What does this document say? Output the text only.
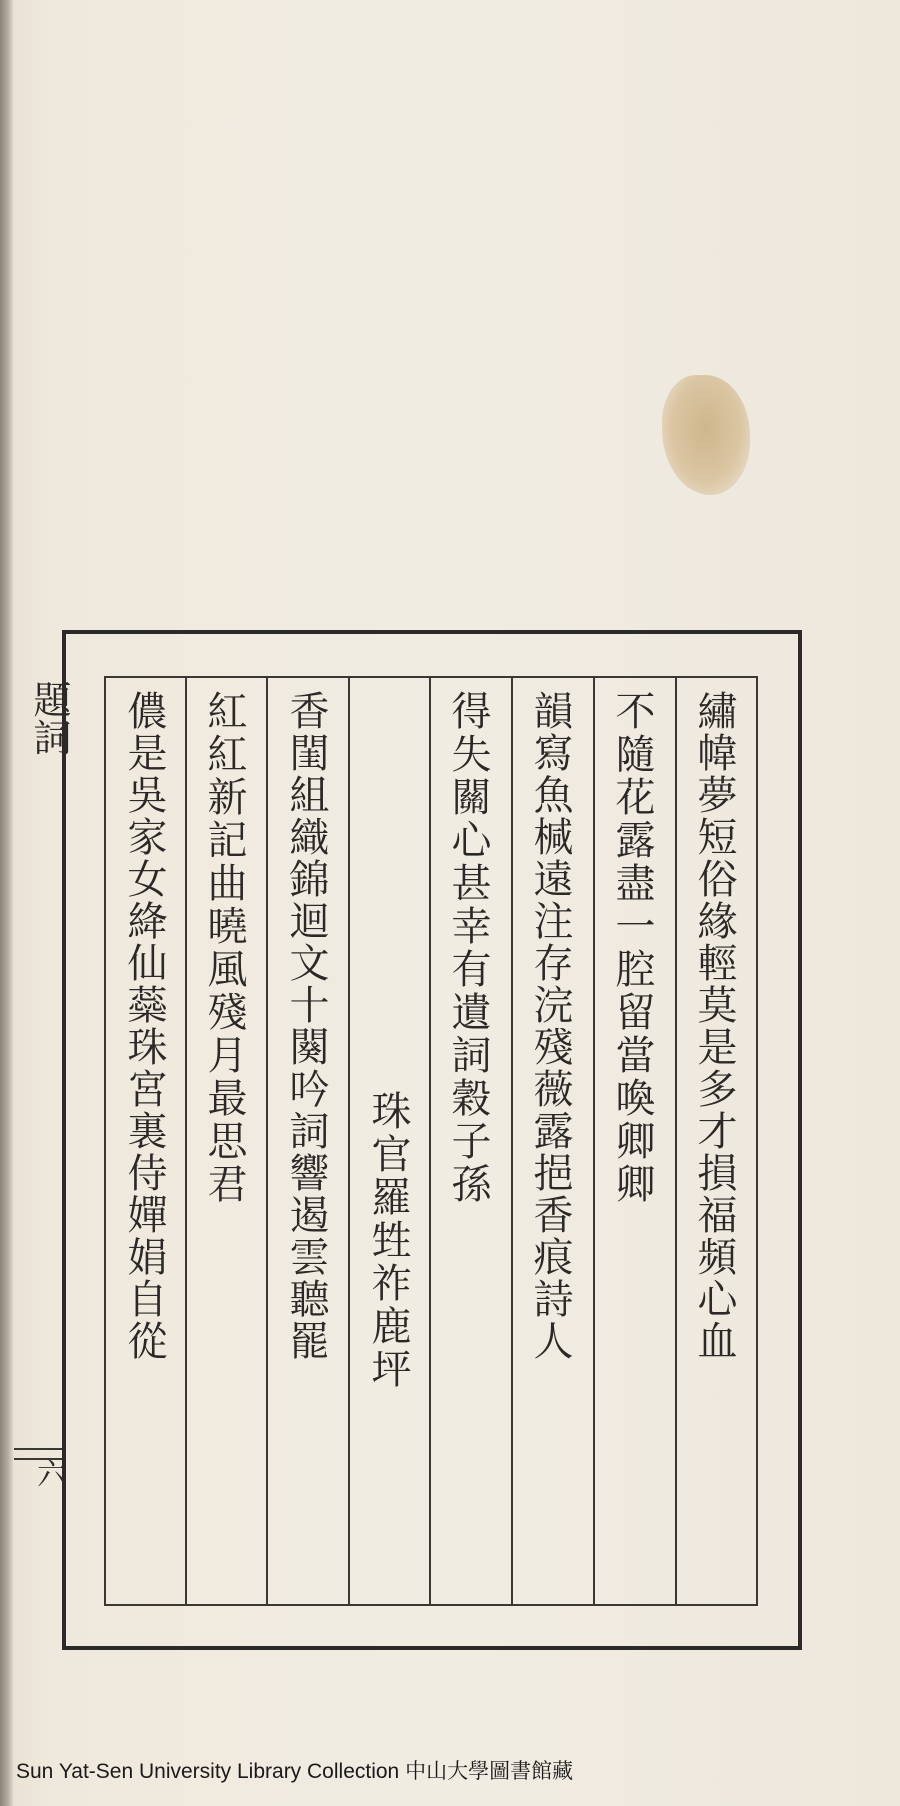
題詞
六
繡幃夢短俗緣輕莫是多才損福頻心血
不隨花露盡一腔留當喚卿卿
韻寫魚椷遠注存浣殘薇露挹香痕詩人
得失關心甚幸有遺詞穀子孫
珠官羅甡祚鹿坪
香閨組織錦迴文十闋吟詞響遏雲聽罷
紅紅新記曲曉風殘月最思君
儂是吳家女絳仙蘂珠宮裏侍嬋娟自從
Sun Yat-Sen University Library Collection 中山大學圖書館藏
